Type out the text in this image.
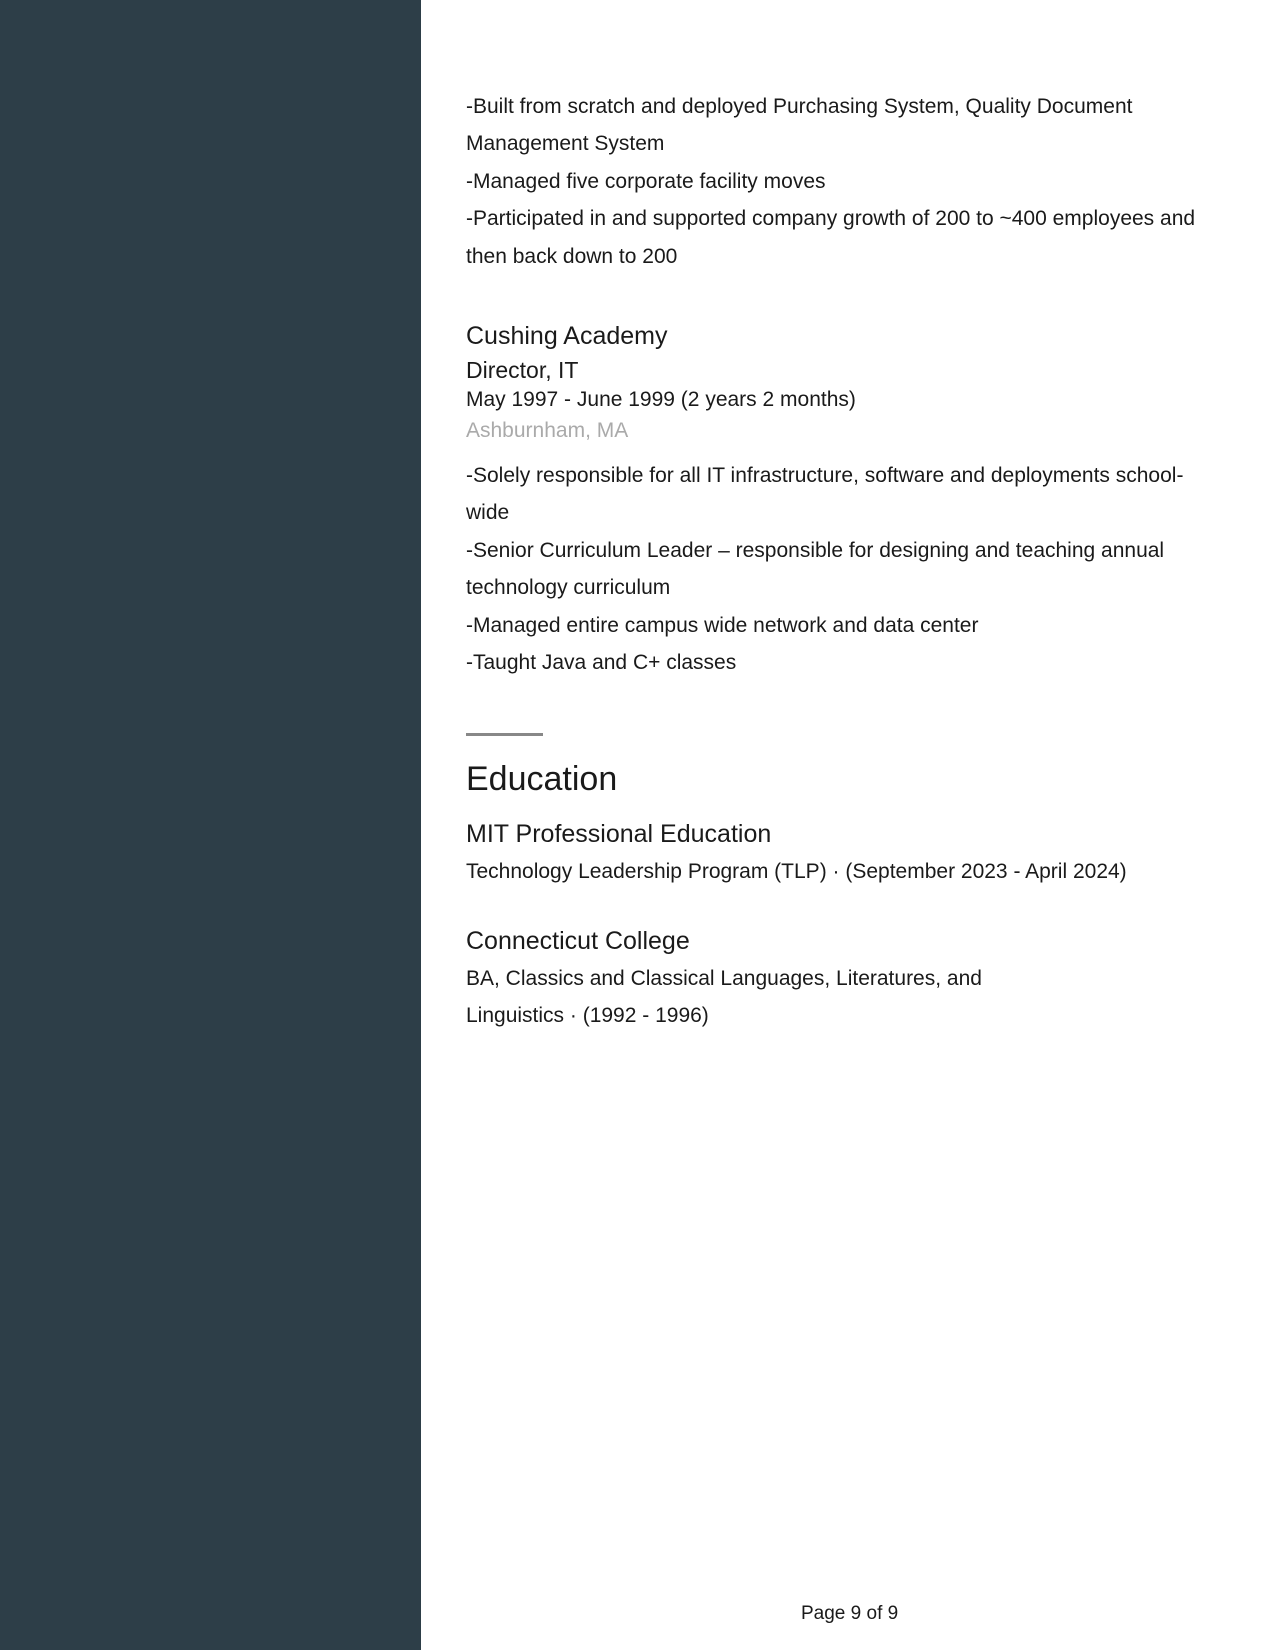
-Built from scratch and deployed Purchasing System, Quality Document
Management System
-Managed five corporate facility moves
-Participated in and supported company growth of 200 to ~400 employees and
then back down to 200
Cushing Academy
Director, IT
May 1997 - June 1999 (2 years 2 months)
Ashburnham, MA
-Solely responsible for all IT infrastructure, software and deployments school-
wide
-Senior Curriculum Leader – responsible for designing and teaching annual
technology curriculum
-Managed entire campus wide network and data center
-Taught Java and C+ classes
Education
MIT Professional Education
Technology Leadership Program (TLP) · (September 2023 - April 2024)
Connecticut College
BA, Classics and Classical Languages, Literatures, and
Linguistics · (1992 - 1996)
Page 9 of 9
